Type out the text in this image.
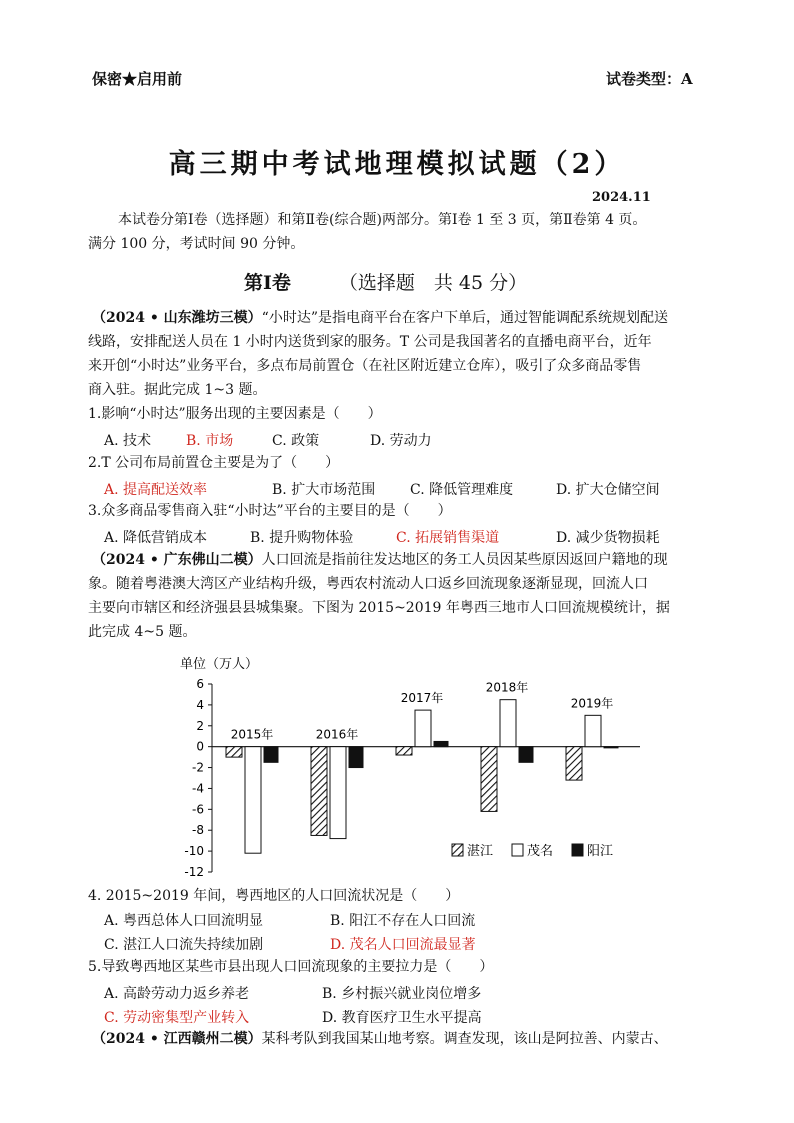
保密★启用前	试卷类型：A
高三期中考试地理模拟试题（2）
2024.11
本试卷分第Ⅰ卷（选择题）和第Ⅱ卷(综合题)两部分。第Ⅰ卷 1 至 3 页，第Ⅱ卷第 4 页。
满分 100 分，考试时间 90 分钟。
第Ⅰ卷	（选择题　共 45 分）
（2024 • 山东潍坊三模）“小时达”是指电商平台在客户下单后，通过智能调配系统规划配送
线路，安排配送人员在 1 小时内送货到家的服务。T 公司是我国著名的直播电商平台，近年
来开创“小时达”业务平台，多点布局前置仓（在社区附近建立仓库），吸引了众多商品零售
商入驻。据此完成 1~3 题。
1.影响“小时达”服务出现的主要因素是（　　）
A. 技术 B. 市场	C. 政策	D. 劳动力
2.T 公司布局前置仓主要是为了（　　）
A. 提高配送效率	B. 扩大市场范围 C. 降低管理难度	D. 扩大仓储空间
3.众多商品零售商入驻“小时达”平台的主要目的是（　　）
A. 降低营销成本	B. 提升购物体验	C. 拓展销售渠道	D. 减少货物损耗
（2024 • 广东佛山二模）人口回流是指前往发达地区的务工人员因某些原因返回户籍地的现
象。随着粤港澳大湾区产业结构升级，粤西农村流动人口返乡回流现象逐渐显现，回流人口
主要向市辖区和经济强县县城集聚。下图为 2015~2019 年粤西三地市人口回流规模统计，据
此完成 4~5 题。
单位（万人）
6
4
2
0
-2
-4
-6
-8
-10
-12
2015年	2016年
2017年
2018年
2019年
湛江	茂名	阳江
4. 2015~2019 年间，粤西地区的人口回流状况是（　　）
A. 粤西总体人口回流明显	B. 阳江不存在人口回流
C. 湛江人口流失持续加剧	D. 茂名人口回流最显著
5.导致粤西地区某些市县出现人口回流现象的主要拉力是（　　）
A. 高龄劳动力返乡养老	B. 乡村振兴就业岗位增多
C. 劳动密集型产业转入	D. 教育医疗卫生水平提高
（2024 • 江西赣州二模）某科考队到我国某山地考察。调查发现，该山是阿拉善、内蒙古、
